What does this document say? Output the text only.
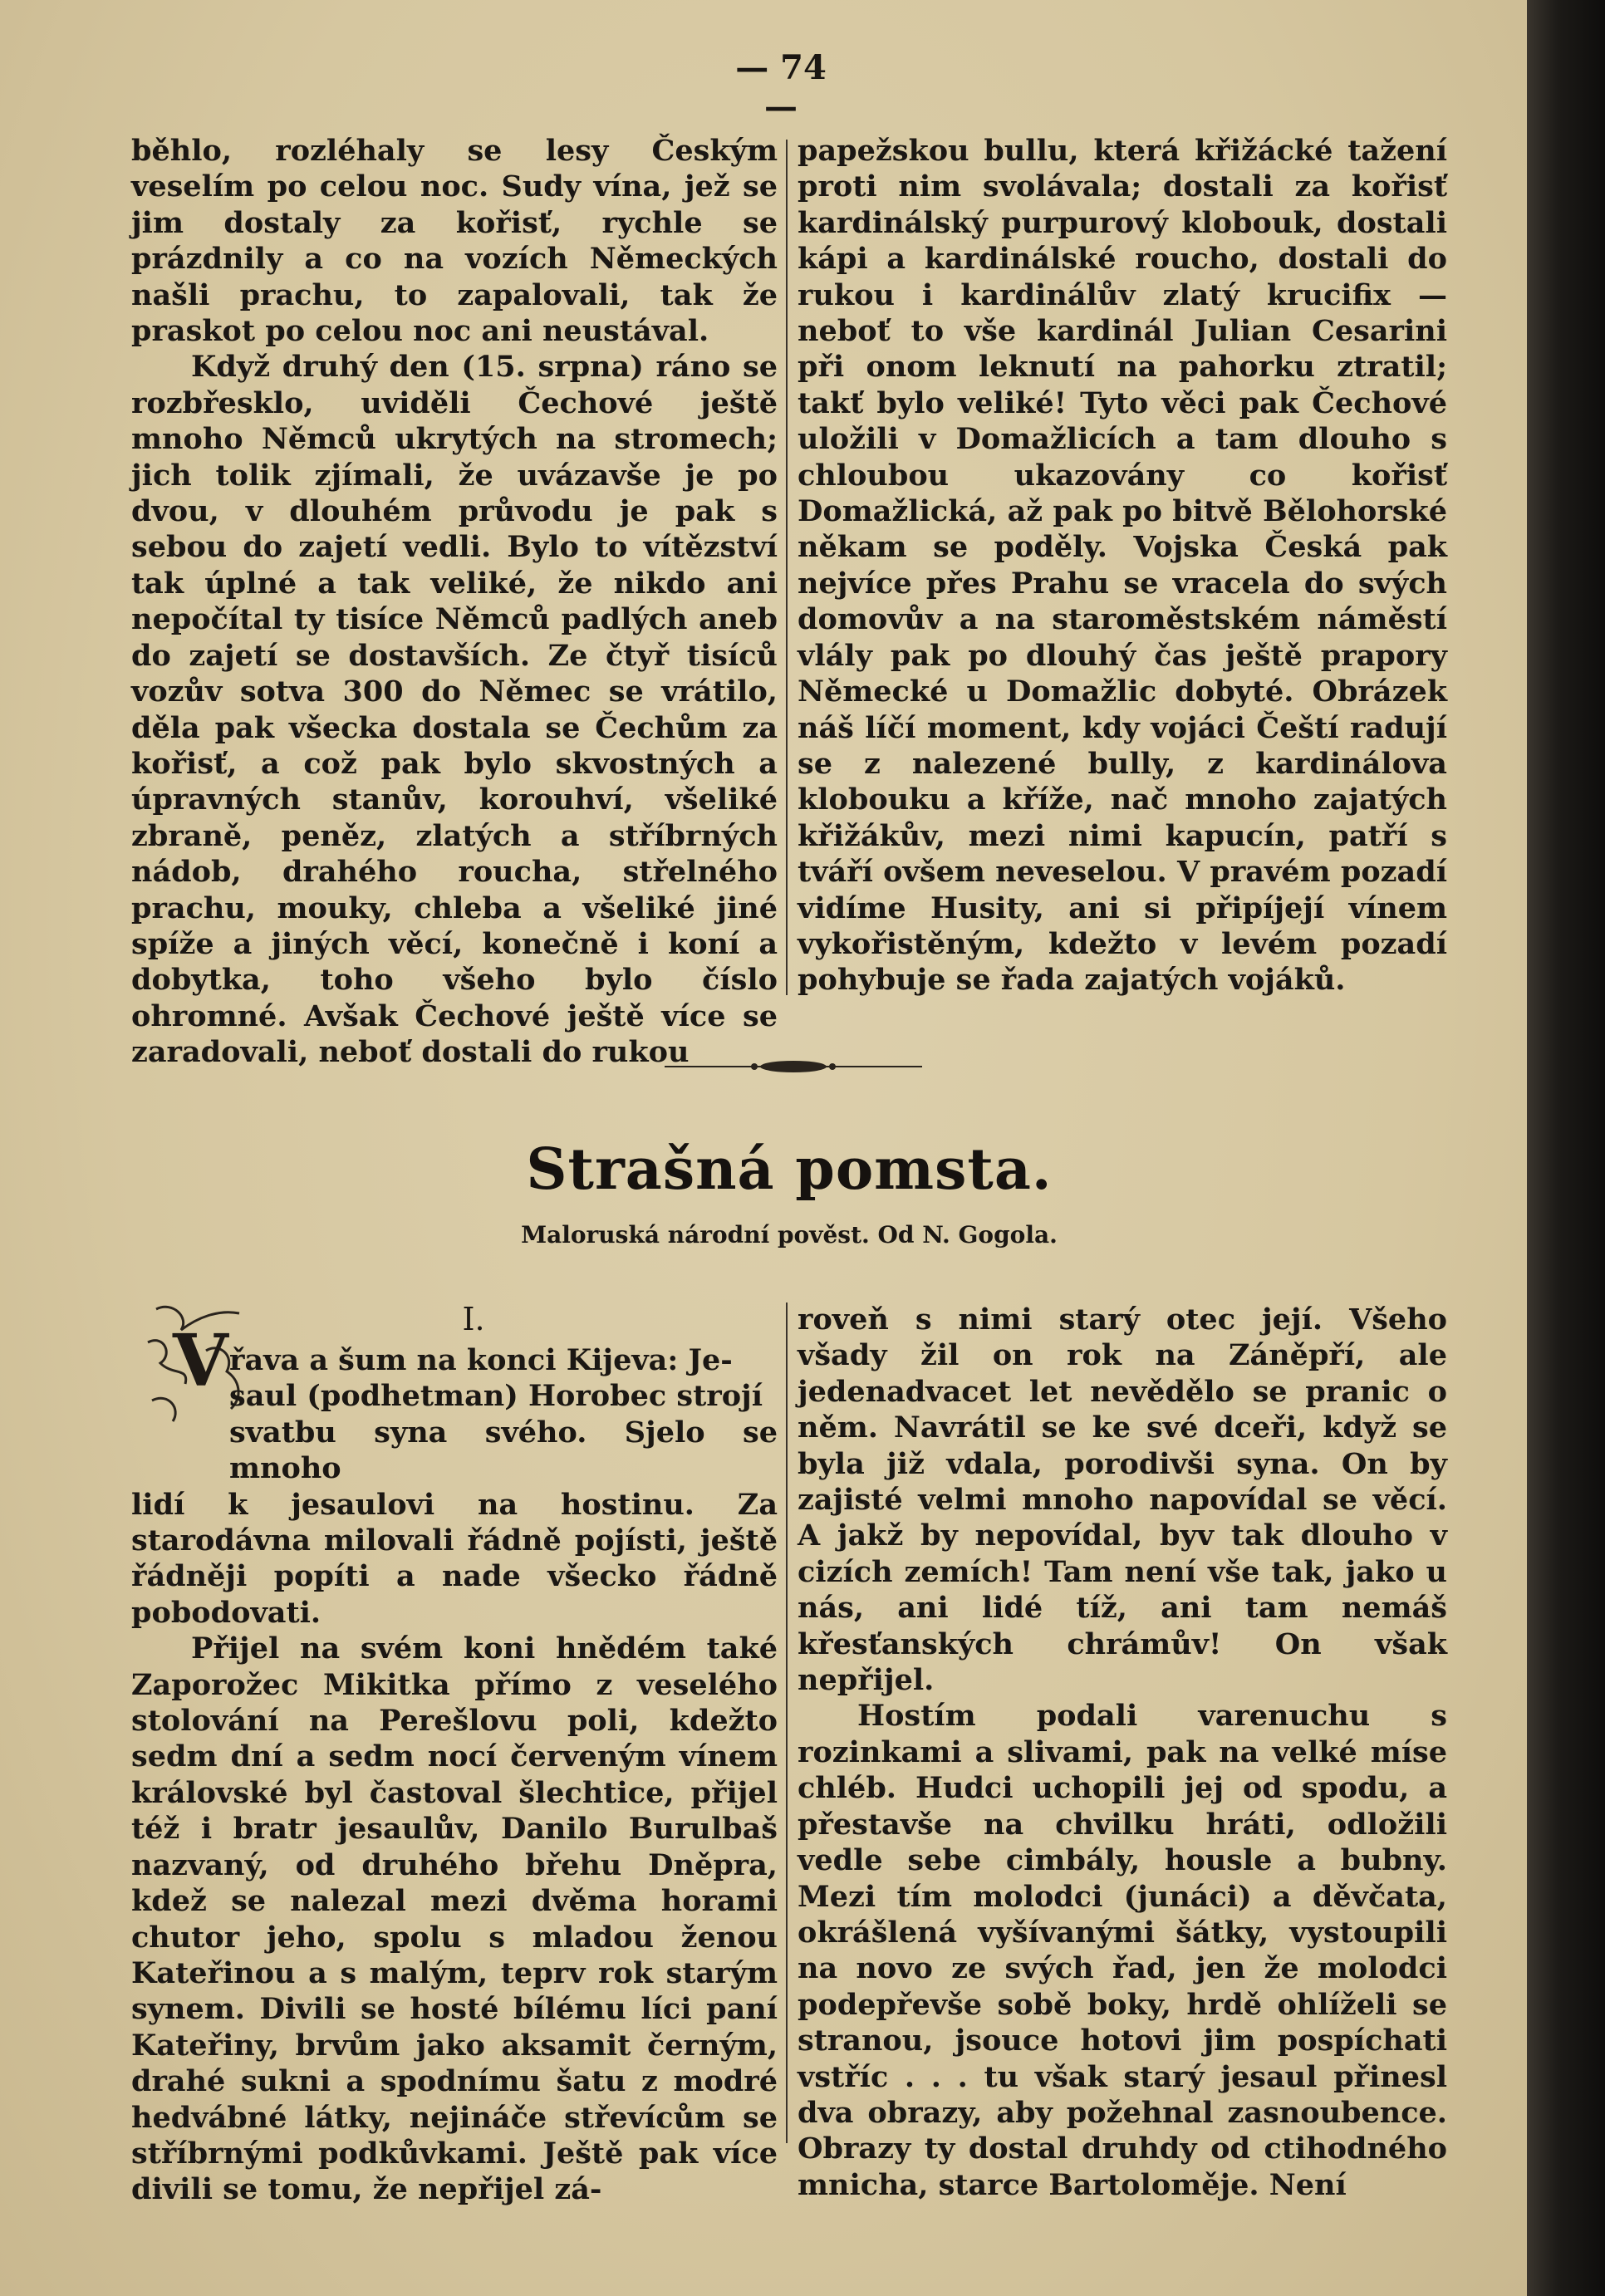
— 74 —

běhlo, rozléhaly se lesy Českým veselím po celou noc. Sudy vína, jež se jim dostaly za kořisť, rychle se prázdnily a co na vozích Německých našli prachu, to zapalovali, tak že praskot po celou noc ani neustával.

Když druhý den (15. srpna) ráno se rozbřesklo, uviděli Čechové ještě mnoho Němců ukrytých na stromech; jich tolik zjímali, že uvázavše je po dvou, v dlouhém průvodu je pak s sebou do zajetí vedli. Bylo to vítězství tak úplné a tak veliké, že nikdo ani nepočítal ty tisíce Němců padlých aneb do zajetí se dostavších. Ze čtyř tisíců vozův sotva 300 do Němec se vrátilo, děla pak všecka dostala se Čechům za kořisť, a což pak bylo skvostných a úpravných stanův, korouhví, všeliké zbraně, peněz, zlatých a stříbrných nádob, drahého roucha, střelného prachu, mouky, chleba a všeliké jiné spíže a jiných věcí, konečně i koní a dobytka, toho všeho bylo číslo ohromné. Avšak Čechové ještě více se zaradovali, neboť dostali do rukou

papežskou bullu, která křižácké tažení proti nim svolávala; dostali za kořisť kardinálský purpurový klobouk, dostali kápi a kardinálské roucho, dostali do rukou i kardinálův zlatý krucifix — neboť to vše kardinál Julian Cesarini při onom leknutí na pahorku ztratil; takť bylo veliké! Tyto věci pak Čechové uložili v Domažlicích a tam dlouho s chloubou ukazovány co kořisť Domažlická, až pak po bitvě Bělohorské někam se poděly. Vojska Česká pak nejvíce přes Prahu se vracela do svých domovův a na staroměstském náměstí vlály pak po dlouhý čas ještě prapory Německé u Domažlic dobyté. Obrázek náš líčí moment, kdy vojáci Čeští radují se z nalezené bully, z kardinálova klobouku a kříže, nač mnoho zajatých křižákův, mezi nimi kapucín, patří s tváří ovšem neveselou. V pravém pozadí vidíme Husity, ani si připíjejí vínem vykořistěným, kdežto v levém pozadí pohybuje se řada zajatých vojáků.

Strašná pomsta.
Maloruská národní pověst. Od N. Gogola.
I.
V řava a šum na konci Kijeva: Je-
saul (podhetman) Horobec strojí
svatbu syna svého. Sjelo se mnoho
lidí k jesaulovi na hostinu. Za starodávna milovali řádně pojísti, ještě řádněji popíti a nade všecko řádně pobodovati.

Přijel na svém koni hnědém také Zaporožec Mikitka přímo z veselého stolování na Perešlovu poli, kdežto sedm dní a sedm nocí červeným vínem královské byl častoval šlechtice, přijel též i bratr jesaulův, Danilo Burulbaš nazvaný, od druhého břehu Dněpra, kdež se nalezal mezi dvěma horami chutor jeho, spolu s mladou ženou Kateřinou a s malým, teprv rok starým synem. Divili se hosté bílému líci paní Kateřiny, brvům jako aksamit černým, drahé sukni a spodnímu šatu z modré hedvábné látky, nejináče střevícům se stříbrnými podkůvkami. Ještě pak více divili se tomu, že nepřijel zá-

roveň s nimi starý otec její. Všeho všady žil on rok na Záněpří, ale jedenadvacet let nevědělo se pranic o něm. Navrátil se ke své dceři, když se byla již vdala, porodivši syna. On by zajisté velmi mnoho napovídal se věcí. A jakž by nepovídal, byv tak dlouho v cizích zemích! Tam není vše tak, jako u nás, ani lidé tíž, ani tam nemáš křesťanských chrámův! On však nepřijel.

Hostím podali varenuchu s rozinkami a slivami, pak na velké míse chléb. Hudci uchopili jej od spodu, a přestavše na chvilku hráti, odložili vedle sebe cimbály, housle a bubny. Mezi tím molodci (junáci) a děvčata, okrášlená vyšívanými šátky, vystoupili na novo ze svých řad, jen že molodci podepřevše sobě boky, hrdě ohlíželi se stranou, jsouce hotovi jim pospíchati vstříc . . . tu však starý jesaul přinesl dva obrazy, aby požehnal zasnoubence. Obrazy ty dostal druhdy od ctihodného mnicha, starce Bartoloměje. Není
